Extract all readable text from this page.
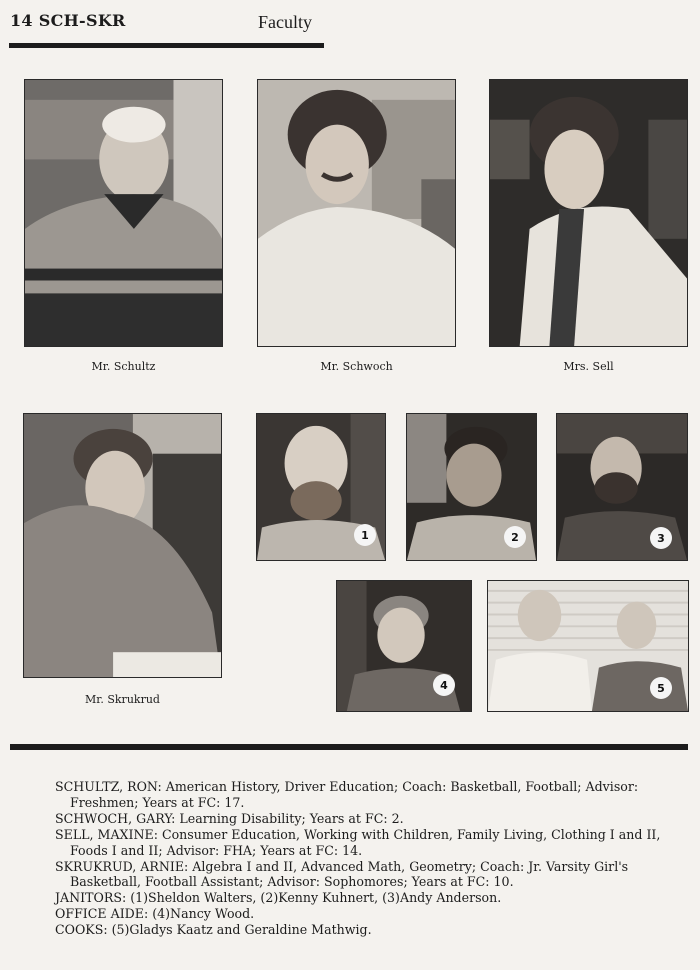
14 SCH-SKR	Faculty
Mr. Schultz	Mr. Schwoch	Mrs. Sell
Mr. Skrukrud
1	2	3
4	5

SCHULTZ, RON: American History, Driver Education; Coach: Basketball, Football; Advisor: Freshmen; Years at FC: 17.

SCHWOCH, GARY: Learning Disability; Years at FC: 2.

SELL, MAXINE: Consumer Education, Working with Children, Family Living, Clothing I and II, Foods I and II; Advisor: FHA; Years at FC: 14.

SKRUKRUD, ARNIE: Algebra I and II, Advanced Math, Geometry; Coach: Jr. Varsity Girl's Basketball, Football Assistant; Advisor: Sophomores; Years at FC: 10.

JANITORS: (1)Sheldon Walters, (2)Kenny Kuhnert, (3)Andy Anderson.

OFFICE AIDE: (4)Nancy Wood.

COOKS: (5)Gladys Kaatz and Geraldine Mathwig.
